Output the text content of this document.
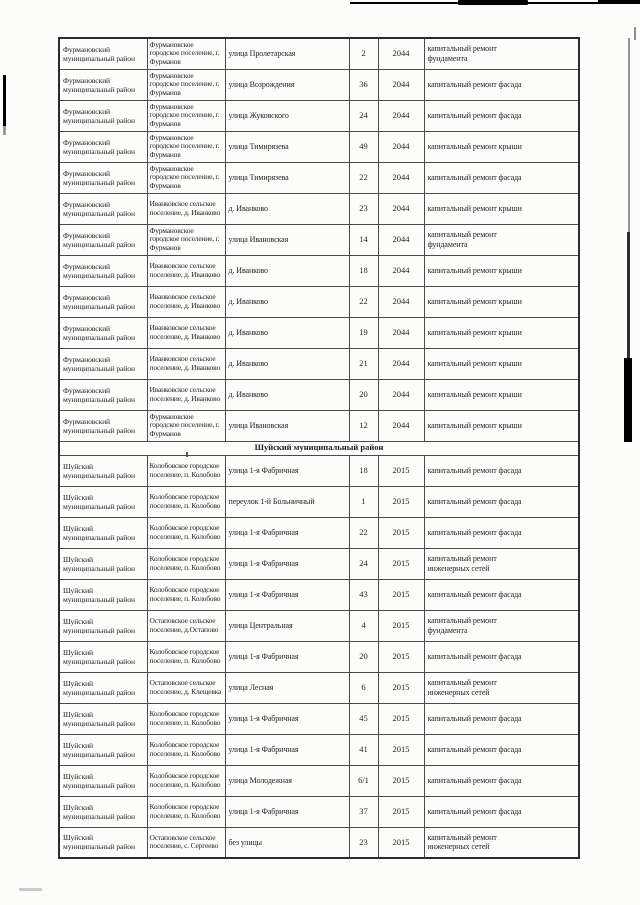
Фурмановский муниципальный район	Фурмановское городское поселение, г. Фурманов	улица Пролетарская	2	2044	капитальный ремонт фундамента
Фурмановский муниципальный район	Фурмановское городское поселение, г. Фурманов	улица Возрождения	36	2044	капитальный ремонт фасада
Фурмановский муниципальный район	Фурмановское городское поселение, г. Фурманов	улица Жуковского	24	2044	капитальный ремонт фасада
Фурмановский муниципальный район	Фурмановское городское поселение, г. Фурманов	улица Тимирязева	49	2044	капитальный ремонт крыши
Фурмановский муниципальный район	Фурмановское городское поселение, г. Фурманов	улица Тимирязева	22	2044	капитальный ремонт фасада
Фурмановский муниципальный район	Иванковское сельское поселение, д. Иванково	д. Иванково	23	2044	капитальный ремонт крыши
Фурмановский муниципальный район	Фурмановское городское поселение, г. Фурманов	улица Ивановская	14	2044	капитальный ремонт фундамента
Фурмановский муниципальный район	Иванковское сельское поселение, д. Иванково	д. Иванково	18	2044	капитальный ремонт крыши
Фурмановский муниципальный район	Иванковское сельское поселение, д. Иванково	д. Иванково	22	2044	капитальный ремонт крыши
Фурмановский муниципальный район	Иванковское сельское поселение, д. Иванково	д. Иванково	19	2044	капитальный ремонт крыши
Фурмановский муниципальный район	Иванковское сельское поселение, д. Иванково	д. Иванково	21	2044	капитальный ремонт крыши
Фурмановский муниципальный район	Иванковское сельское поселение, д. Иванково	д. Иванково	20	2044	капитальный ремонт крыши
Фурмановский муниципальный район	Фурмановское городское поселение, г. Фурманов	улица Ивановская	12	2044	капитальный ремонт крыши
Шуйский муниципальный район					
Шуйский муниципальный район	Колобовское городское поселение, п. Колобово	улица 1-я Фабричная	18	2015	капитальный ремонт фасада
Шуйский муниципальный район	Колобовское городское поселение, п. Колобово	переулок 1-й Больничный	1	2015	капитальный ремонт фасада
Шуйский муниципальный район	Колобовское городское поселение, п. Колобово	улица 1-я Фабричная	22	2015	капитальный ремонт фасада
Шуйский муниципальный район	Колобовское городское поселение, п. Колобово	улица 1-я Фабричная	24	2015	капитальный ремонт инженерных сетей
Шуйский муниципальный район	Колобовское городское поселение, п. Колобово	улица 1-я Фабричная	43	2015	капитальный ремонт фасада
Шуйский муниципальный район	Остаповское сельское поселение, д.Остапово	улица Центральная	4	2015	капитальный ремонт фундамента
Шуйский муниципальный район	Колобовское городское поселение, п. Колобово	улица 1-я Фабричная	20	2015	капитальный ремонт фасада
Шуйский муниципальный район	Остаповское сельское поселение, д. Клещевка	улица Лесная	6	2015	капитальный ремонт инженерных сетей
Шуйский муниципальный район	Колобовское городское поселение, п. Колобово	улица 1-я Фабричная	45	2015	капитальный ремонт фасада
Шуйский муниципальный район	Колобовское городское поселение, п. Колобово	улица 1-я Фабричная	41	2015	капитальный ремонт фасада
Шуйский муниципальный район	Колобовское городское поселение, п. Колобово	улица Молодежная	6/1	2015	капитальный ремонт фасада
Шуйский муниципальный район	Колобовское городское поселение, п. Колобово	улица 1-я Фабричная	37	2015	капитальный ремонт фасада
Шуйский муниципальный район	Остаповское сельское поселение, с. Сергеево	без улицы	23	2015	капитальный ремонт инженерных сетей
